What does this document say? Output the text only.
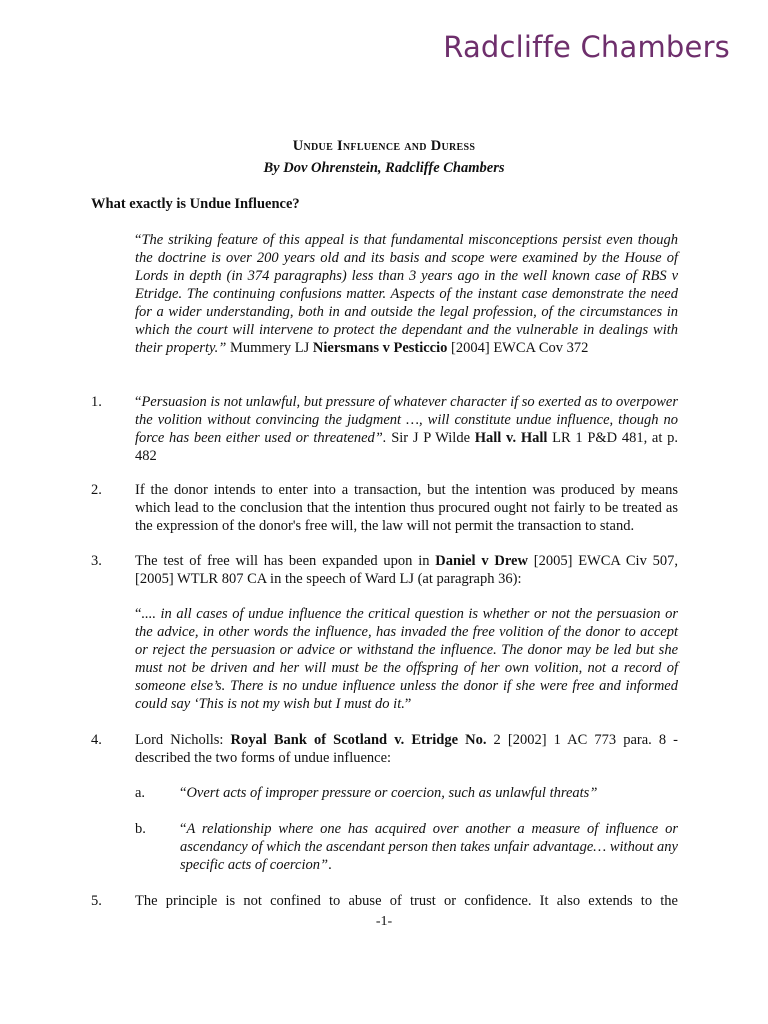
Radcliffe Chambers
Undue Influence and Duress
By Dov Ohrenstein, Radcliffe Chambers
What exactly is Undue Influence?
“The striking feature of this appeal is that fundamental misconceptions persist even though the doctrine is over 200 years old and its basis and scope were examined by the House of Lords in depth (in 374 paragraphs) less than 3 years ago in the well known case of RBS v Etridge. The continuing confusions matter. Aspects of the instant case demonstrate the need for a wider understanding, both in and outside the legal profession, of the circumstances in which the court will intervene to protect the dependant and the vulnerable in dealings with their property.” Mummery LJ Niersmans v Pesticcio [2004] EWCA Cov 372
1. “Persuasion is not unlawful, but pressure of whatever character if so exerted as to overpower the volition without convincing the judgment …, will constitute undue influence, though no force has been either used or threatened”. Sir J P Wilde Hall v. Hall LR 1 P&D 481, at p. 482
2. If the donor intends to enter into a transaction, but the intention was produced by means which lead to the conclusion that the intention thus procured ought not fairly to be treated as the expression of the donor's free will, the law will not permit the transaction to stand.
3. The test of free will has been expanded upon in Daniel v Drew [2005] EWCA Civ 507, [2005] WTLR 807 CA in the speech of Ward LJ (at paragraph 36):
“.... in all cases of undue influence the critical question is whether or not the persuasion or the advice, in other words the influence, has invaded the free volition of the donor to accept or reject the persuasion or advice or withstand the influence. The donor may be led but she must not be driven and her will must be the offspring of her own volition, not a record of someone else’s. There is no undue influence unless the donor if she were free and informed could say ‘This is not my wish but I must do it.”
4. Lord Nicholls: Royal Bank of Scotland v. Etridge No. 2 [2002] 1 AC 773 para. 8 - described the two forms of undue influence:
a. “Overt acts of improper pressure or coercion, such as unlawful threats”
b. “A relationship where one has acquired over another a measure of influence or ascendancy of which the ascendant person then takes unfair advantage… without any specific acts of coercion”.
5. The principle is not confined to abuse of trust or confidence. It also extends to the
-1-
